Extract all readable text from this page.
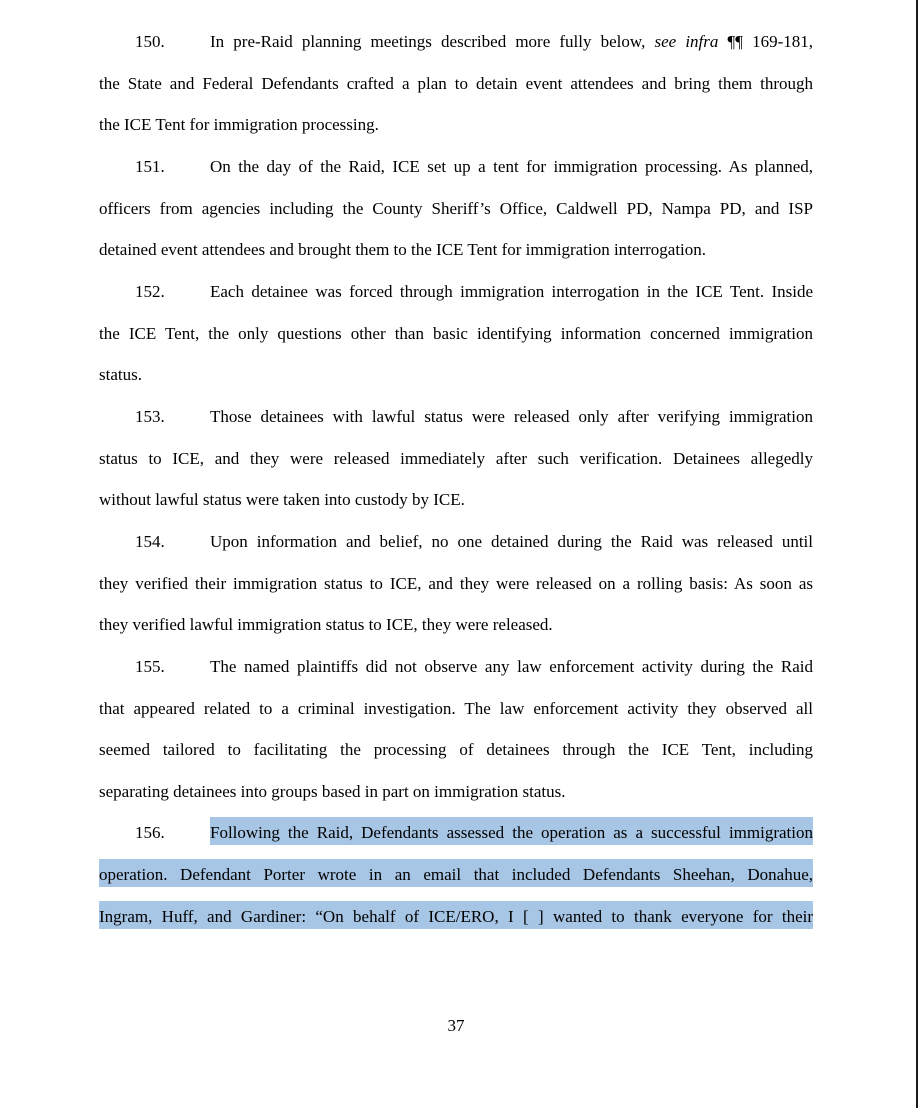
150.	In pre-Raid planning meetings described more fully below, see infra ¶¶ 169-181,
the State and Federal Defendants crafted a plan to detain event attendees and bring them through
the ICE Tent for immigration processing.
151.	On the day of the Raid, ICE set up a tent for immigration processing. As planned,
officers from agencies including the County Sheriff’s Office, Caldwell PD, Nampa PD, and ISP
detained event attendees and brought them to the ICE Tent for immigration interrogation.
152.	Each detainee was forced through immigration interrogation in the ICE Tent. Inside
the ICE Tent, the only questions other than basic identifying information concerned immigration
status.
153.	Those detainees with lawful status were released only after verifying immigration
status to ICE, and they were released immediately after such verification. Detainees allegedly
without lawful status were taken into custody by ICE.
154.	Upon information and belief, no one detained during the Raid was released until
they verified their immigration status to ICE, and they were released on a rolling basis: As soon as
they verified lawful immigration status to ICE, they were released.
155.	The named plaintiffs did not observe any law enforcement activity during the Raid
that appeared related to a criminal investigation. The law enforcement activity they observed all
seemed tailored to facilitating the processing of detainees through the ICE Tent, including
separating detainees into groups based in part on immigration status.
156.	Following the Raid, Defendants assessed the operation as a successful immigration
operation. Defendant Porter wrote in an email that included Defendants Sheehan, Donahue,
Ingram, Huff, and Gardiner: “On behalf of ICE/ERO, I [ ] wanted to thank everyone for their
37
